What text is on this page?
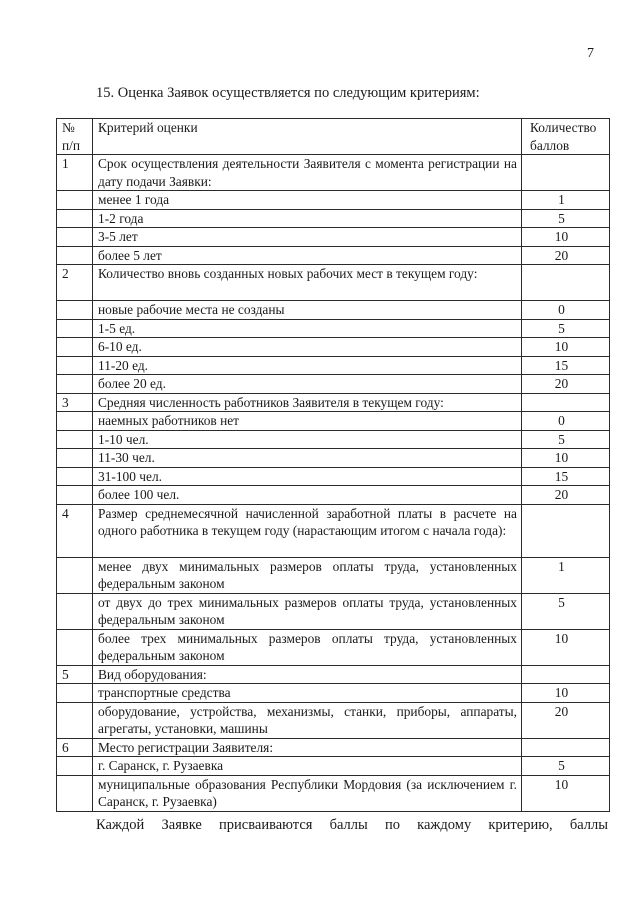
7
15. Оценка Заявок осуществляется по следующим критериям:
№ п/п	Критерий оценки	Количество баллов
1	Срок осуществления деятельности Заявителя с момента регистрации на дату подачи Заявки:	
	менее 1 года	1
	1-2 года	5
	3-5 лет	10
	более 5 лет	20
2	Количество вновь созданных новых рабочих мест в текущем году:	
	новые рабочие места не созданы	0
	1-5 ед.	5
	6-10 ед.	10
	11-20 ед.	15
	более 20 ед.	20
3	Средняя численность работников Заявителя в текущем году:	
	наемных работников нет	0
	1-10 чел.	5
	11-30 чел.	10
	31-100 чел.	15
	более 100 чел.	20
4	Размер среднемесячной начисленной заработной платы в расчете на одного работника в текущем году (нарастающим итогом с начала года):	
	менее двух минимальных размеров оплаты труда, установленных федеральным законом	1
	от двух до трех минимальных размеров оплаты труда, установленных федеральным законом	5
	более трех минимальных размеров оплаты труда, установленных федеральным законом	10
5	Вид оборудования:	
	транспортные средства	10
	оборудование, устройства, механизмы, станки, приборы, аппараты, агрегаты, установки, машины	20
6	Место регистрации Заявителя:	
	г. Саранск, г. Рузаевка	5
	муниципальные образования Республики Мордовия (за исключением г. Саранск, г. Рузаевка)	10
Каждой Заявке присваиваются баллы по каждому критерию, баллы
